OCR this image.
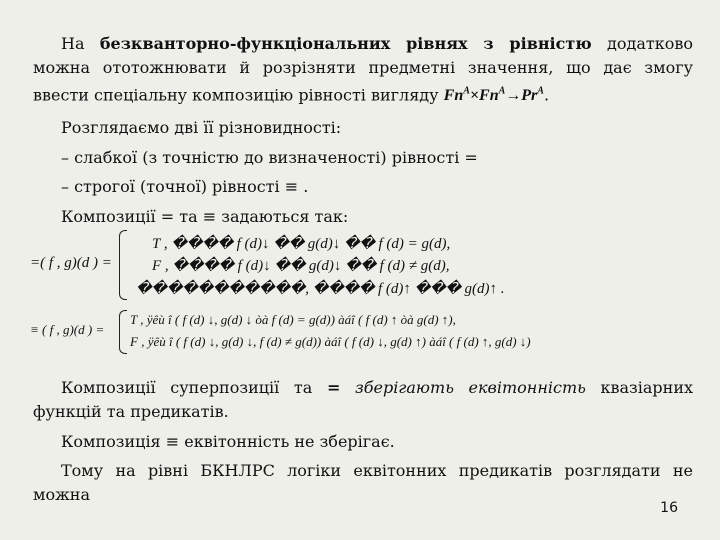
На безкванторно-функціональних рівнях з рівністю додатково можна ототожнювати й розрізняти предметні значення, що дає змогу ввести спеціальну композицію рівності вигляду $Fn^A\times Fn^A\to Pr^A$.
Розглядаємо дві її різновидності:
– слабкої (з точністю до визначеності) рівності =
– строгої (точної) рівності ≡ .
Композиції = та ≡ задаються так:
=( f , g)(d ) =
T , ���� f (d)↓ �� g(d)↓ �� f (d) = g(d),
F , ���� f (d)↓ �� g(d)↓ �� f (d) ≠ g(d),
�����������, ���� f (d)↑ ��� g(d)↑ .
≡ ( f , g)(d ) =
T , ÿêù î ( f (d) ↓, g(d) ↓ òà f (d) = g(d)) àáî ( f (d) ↑ òà g(d) ↑),
F , ÿêù î ( f (d) ↓, g(d) ↓, f (d) ≠ g(d)) àáî ( f (d) ↓, g(d) ↑) àáî ( f (d) ↑, g(d) ↓)
Композиції суперпозиції та = зберігають еквітонність квазіарних функцій та предикатів.
Композиція ≡ еквітонність не зберігає.
Тому на рівні БКНЛРС логіки еквітонних предикатів розглядати не можна
16
